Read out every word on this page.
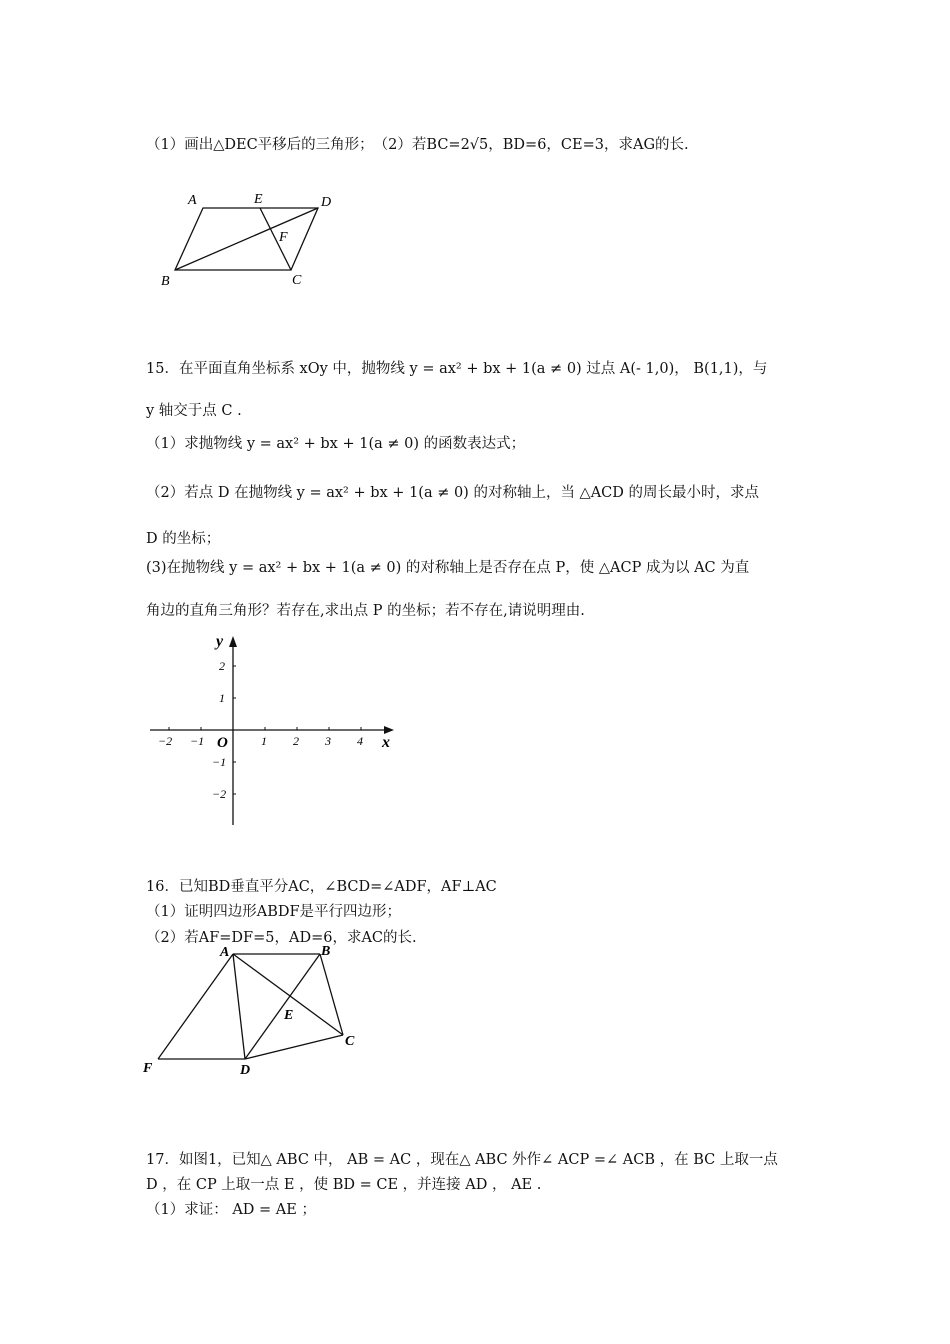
（1）画出△DEC平移后的三角形；　（2）若BC=2√5，BD=6，CE=3，求AG的长.
A	E	D
F
B	C
15．在平面直角坐标系 xOy 中，抛物线 y = ax² + bx + 1(a ≠ 0) 过点 A(- 1,0)， B(1,1)，与
y 轴交于点 C .
（1）求抛物线 y = ax² + bx + 1(a ≠ 0) 的函数表达式；
（2）若点 D 在抛物线 y = ax² + bx + 1(a ≠ 0) 的对称轴上，当 △ACD 的周长最小时，求点
D 的坐标；
(3)在抛物线 y = ax² + bx + 1(a ≠ 0) 的对称轴上是否存在点 P，使 △ACP 成为以 AC 为直
角边的直角三角形？若存在,求出点 P 的坐标；若不存在,请说明理由.
−2 −1	1 2 3 4
2
1
−1
−2
O	x
y
16．已知BD垂直平分AC，∠BCD=∠ADF，AF⊥AC
（1）证明四边形ABDF是平行四边形；
（2）若AF=DF=5，AD=6，求AC的长.
A	B
E
C
F	D
17．如图1，已知△ ABC 中， AB = AC ，现在△ ABC 外作∠ ACP =∠ ACB ，在 BC 上取一点
D ，在 CP 上取一点 E ，使 BD = CE ，并连接 AD ， AE .
（1）求证： AD = AE ；
